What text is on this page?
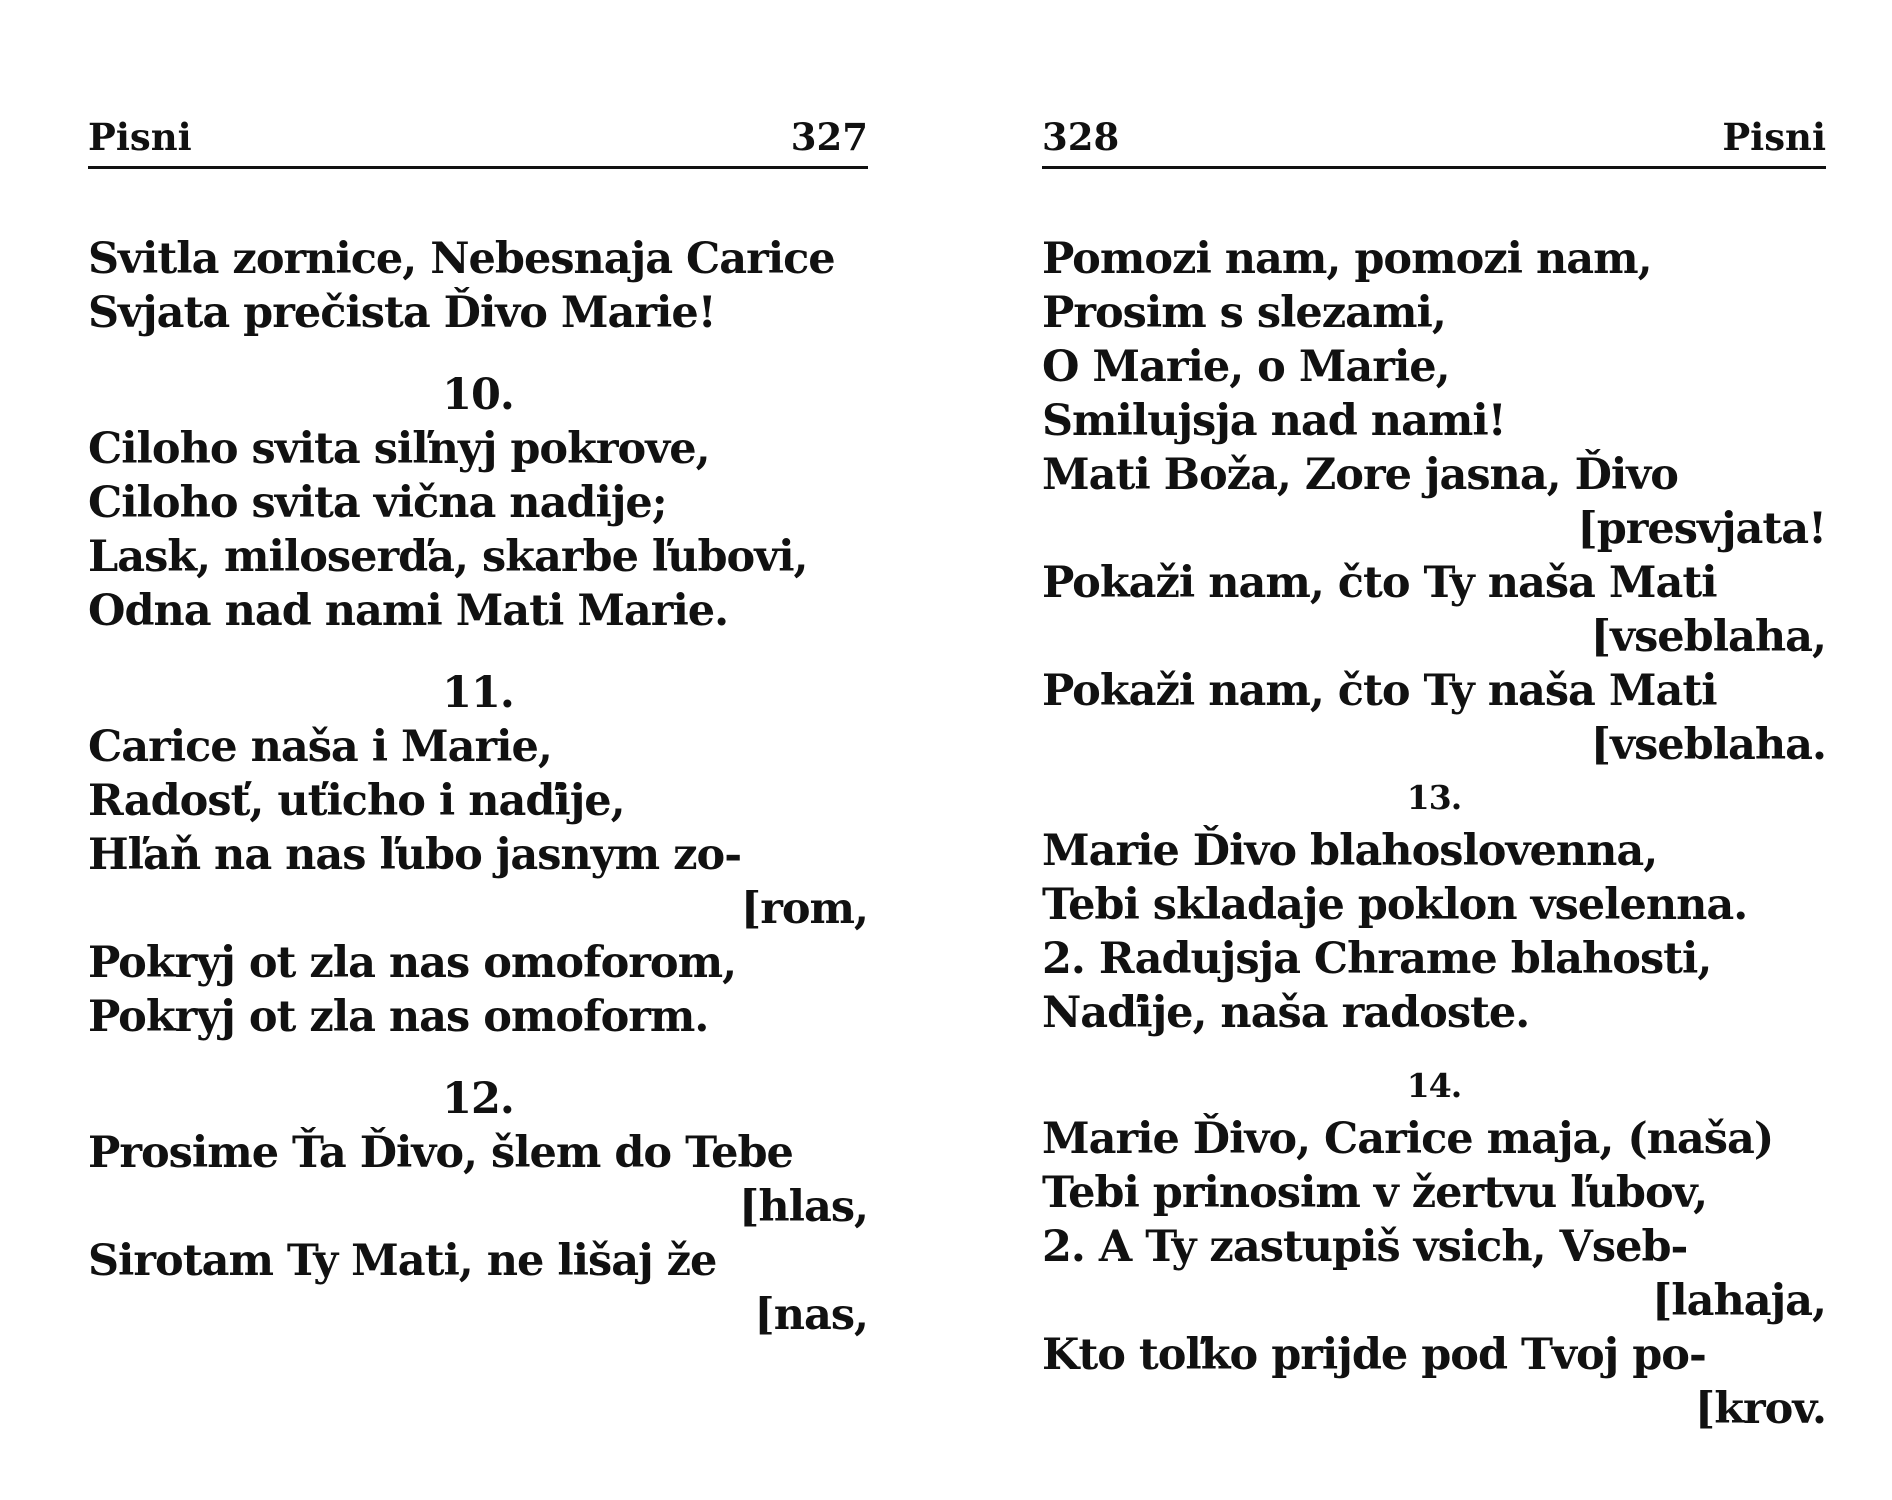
Pisni	327
Svitla zornice, Nebesnaja Carice
Svjata prečista Ďivo Marie!
10.
Ciloho svita siľnyj pokrove,
Ciloho svita vična nadije;
Lask, miloserďa, skarbe ľubovi,
Odna nad nami Mati Marie.
11.
Carice naša i Marie,
Radosť, uťicho i naďije,
Hľaň na nas ľubo jasnym zo-
[rom,
Pokryj ot zla nas omoforom,
Pokryj ot zla nas omoform.
12.
Prosime Ťa Ďivo, šlem do Tebe
[hlas,
Sirotam Ty Mati, ne lišaj že
[nas,
328	Pisni
Pomozi nam, pomozi nam,
Prosim s slezami,
O Marie, o Marie,
Smilujsja nad nami!
Mati Boža, Zore jasna, Ďivo
[presvjata!
Pokaži nam, čto Ty naša Mati
[vseblaha,
Pokaži nam, čto Ty naša Mati
[vseblaha.
13.
Marie Ďivo blahoslovenna,
Tebi skladaje poklon vselenna.
2. Radujsja Chrame blahosti,
Naďije, naša radoste.
14.
Marie Ďivo, Carice maja, (naša)
Tebi prinosim v žertvu ľubov,
2. A Ty zastupiš vsich, Vseb-
[lahaja,
Kto toľko prijde pod Tvoj po-
[krov.
